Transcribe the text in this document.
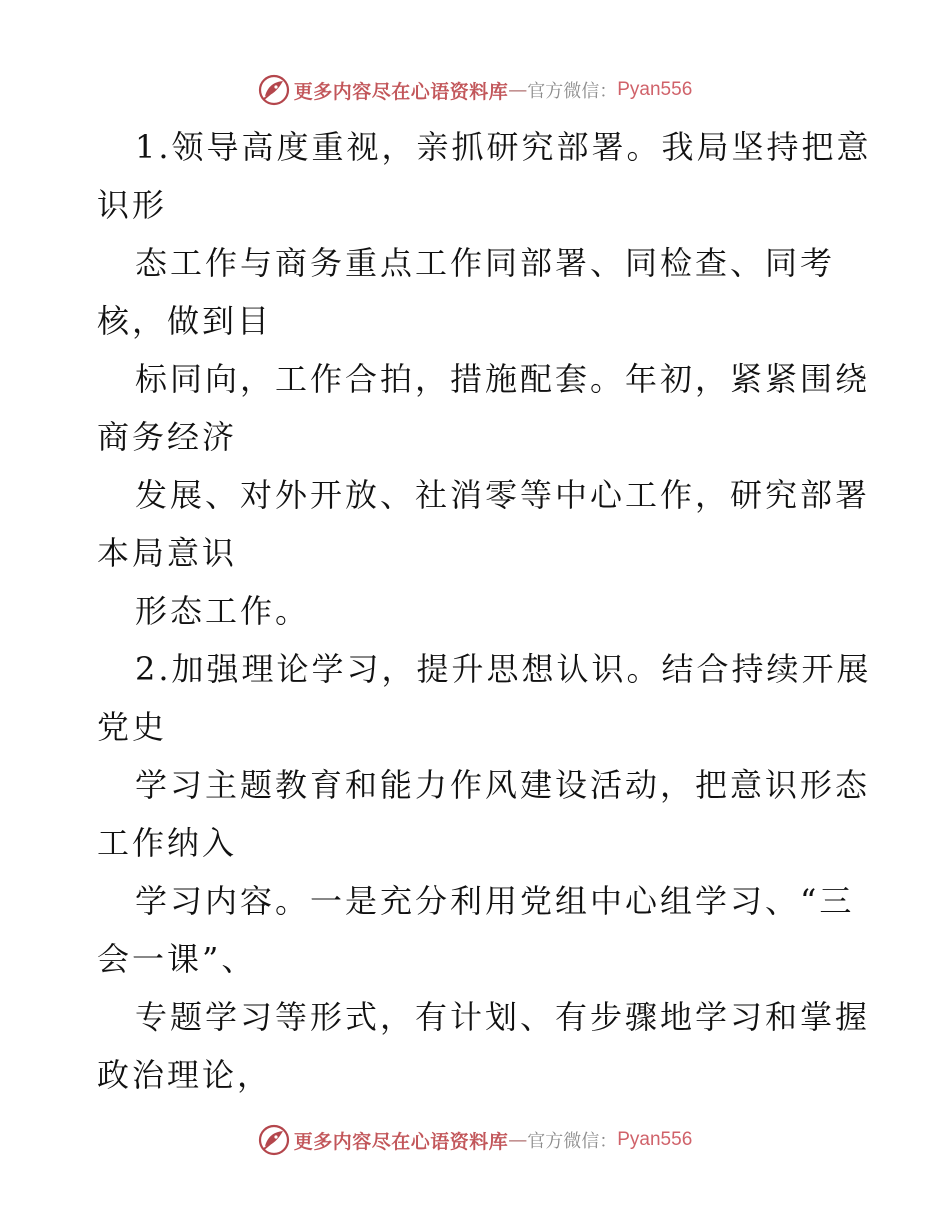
更多内容尽在心语资料库 — 官方微信： Pyan556
1.领导高度重视，亲抓研究部署。我局坚持把意
识形
态工作与商务重点工作同部署、同检查、同考
核，做到目
标同向，工作合拍，措施配套。年初，紧紧围绕
商务经济
发展、对外开放、社消零等中心工作，研究部署
本局意识
形态工作。
2.加强理论学习，提升思想认识。结合持续开展
党史
学习主题教育和能力作风建设活动，把意识形态
工作纳入
学习内容。一是充分利用党组中心组学习、“三
会一课”、
专题学习等形式，有计划、有步骤地学习和掌握
政治理论，
更多内容尽在心语资料库 — 官方微信： Pyan556
